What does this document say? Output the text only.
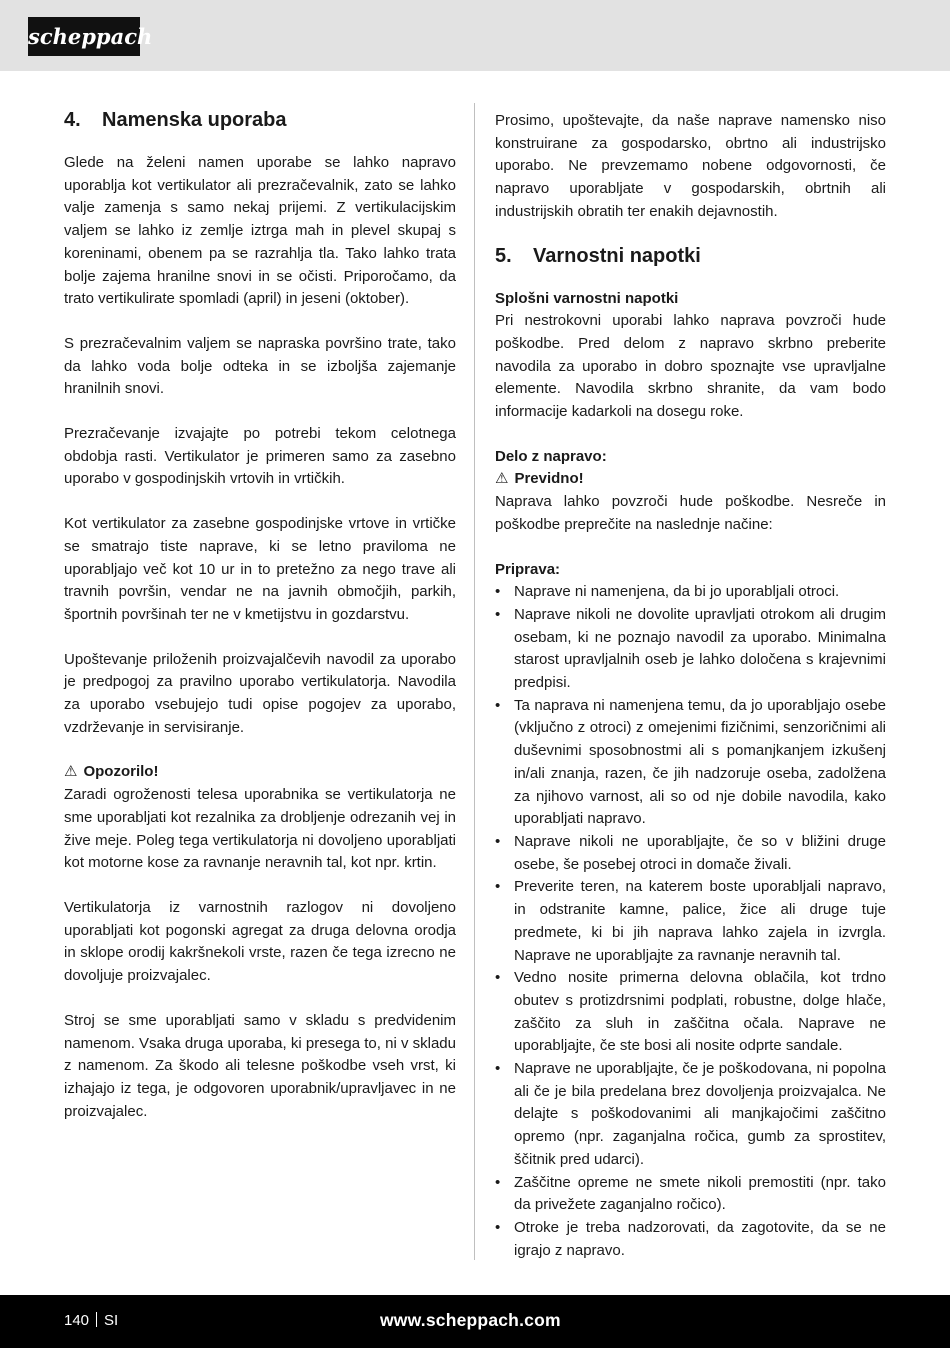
scheppach
4. Namenska uporaba

Glede na želeni namen uporabe se lahko napravo uporablja kot vertikulator ali prezračevalnik, zato se lahko valje zamenja s samo nekaj prijemi. Z vertikulacijskim valjem se lahko iz zemlje iztrga mah in plevel skupaj s koreninami, obenem pa se razrahlja tla. Tako lahko trata bolje zajema hranilne snovi in se očisti. Priporočamo, da trato vertikulirate spomladi (april) in jeseni (oktober).

S prezračevalnim valjem se napraska površino trate, tako da lahko voda bolje odteka in se izboljša zajemanje hranilnih snovi.

Prezračevanje izvajajte po potrebi tekom celotnega obdobja rasti. Vertikulator je primeren samo za zasebno uporabo v gospodinjskih vrtovih in vrtičkih.

Kot vertikulator za zasebne gospodinjske vrtove in vrtičke se smatrajo tiste naprave, ki se letno praviloma ne uporabljajo več kot 10 ur in to pretežno za nego trave ali travnih površin, vendar ne na javnih območjih, parkih, športnih površinah ter ne v kmetijstvu in gozdarstvu.

Upoštevanje priloženih proizvajalčevih navodil za uporabo je predpogoj za pravilno uporabo vertikulatorja. Navodila za uporabo vsebujejo tudi opise pogojev za uporabo, vzdrževanje in servisiranje.

⚠ Opozorilo!

Zaradi ogroženosti telesa uporabnika se vertikulatorja ne sme uporabljati kot rezalnika za drobljenje odrezanih vej in žive meje. Poleg tega vertikulatorja ni dovoljeno uporabljati kot motorne kose za ravnanje neravnih tal, kot npr. krtin.

Vertikulatorja iz varnostnih razlogov ni dovoljeno uporabljati kot pogonski agregat za druga delovna orodja in sklope orodij kakršnekoli vrste, razen če tega izrecno ne dovoljuje proizvajalec.

Stroj se sme uporabljati samo v skladu s predvidenim namenom. Vsaka druga uporaba, ki presega to, ni v skladu z namenom. Za škodo ali telesne poškodbe vseh vrst, ki izhajajo iz tega, je odgovoren uporabnik/upravljavec in ne proizvajalec.

Prosimo, upoštevajte, da naše naprave namensko niso konstruirane za gospodarsko, obrtno ali industrijsko uporabo. Ne prevzemamo nobene odgovornosti, če napravo uporabljate v gospodarskih, obrtnih ali industrijskih obratih ter enakih dejavnostih.

5. Varnostni napotki

Splošni varnostni napotki

Pri nestrokovni uporabi lahko naprava povzroči hude poškodbe. Pred delom z napravo skrbno preberite navodila za uporabo in dobro spoznajte vse upravljalne elemente. Navodila skrbno shranite, da vam bodo informacije kadarkoli na dosegu roke.

Delo z napravo:

⚠ Previdno!

Naprava lahko povzroči hude poškodbe. Nesreče in poškodbe preprečite na naslednje načine:

Priprava:

• Naprave ni namenjena, da bi jo uporabljali otroci.
• Naprave nikoli ne dovolite upravljati otrokom ali drugim osebam, ki ne poznajo navodil za uporabo. Minimalna starost upravljalnih oseb je lahko določena s krajevnimi predpisi.
• Ta naprava ni namenjena temu, da jo uporabljajo osebe (vključno z otroci) z omejenimi fizičnimi, senzoričnimi ali duševnimi sposobnostmi ali s pomanjkanjem izkušenj in/ali znanja, razen, če jih nadzoruje oseba, zadolžena za njihovo varnost, ali so od nje dobile navodila, kako uporabljati napravo.
• Naprave nikoli ne uporabljajte, če so v bližini druge osebe, še posebej otroci in domače živali.
• Preverite teren, na katerem boste uporabljali napravo, in odstranite kamne, palice, žice ali druge tuje predmete, ki bi jih naprava lahko zajela in izvrgla. Naprave ne uporabljajte za ravnanje neravnih tal.
• Vedno nosite primerna delovna oblačila, kot trdno obutev s protizdrsnimi podplati, robustne, dolge hlače, zaščito za sluh in zaščitna očala. Naprave ne uporabljajte, če ste bosi ali nosite odprte sandale.
• Naprave ne uporabljajte, če je poškodovana, ni popolna ali če je bila predelana brez dovoljenja proizvajalca. Ne delajte s poškodovanimi ali manjkajočimi zaščitno opremo (npr. zaganjalna ročica, gumb za sprostitev, ščitnik pred udarci).
• Zaščitne opreme ne smete nikoli premostiti (npr. tako da privežete zaganjalno ročico).
• Otroke je treba nadzorovati, da zagotovite, da se ne igrajo z napravo.
140 SI	www.scheppach.com
